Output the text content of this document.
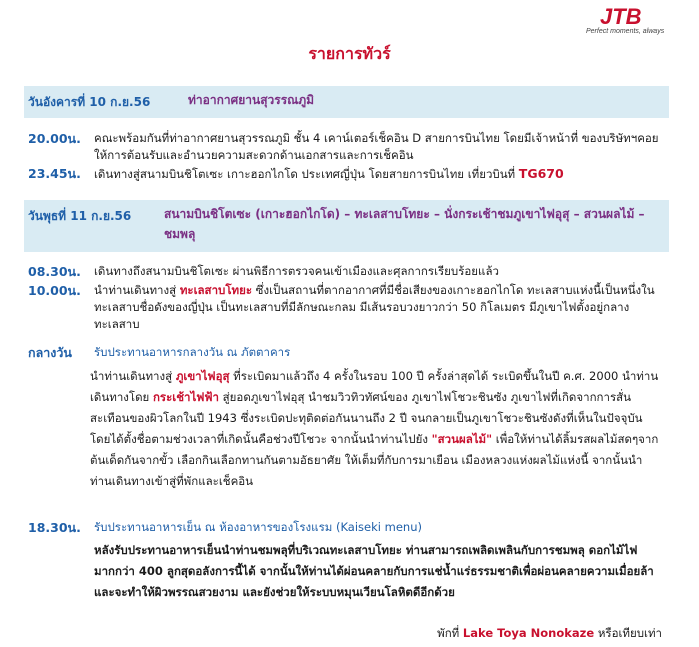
JTB
Perfect moments, always
รายการทัวร์
วันอังคารที่ 10 ก.ย.56	ท่าอากาศยานสุวรรณภูมิ
20.00น. คณะพร้อมกันที่ท่าอากาศยานสุวรรณภูมิ ชั้น 4 เคาน์เตอร์เช็คอิน D สายการบินไทย โดยมีเจ้าหน้าที่ ของบริษัทฯคอยให้การต้อนรับและอำนวยความสะดวกด้านเอกสารและการเช็คอิน
23.45น. เดินทางสู่สนามบินชิโตเซะ เกาะฮอกไกโด ประเทศญี่ปุ่น โดยสายการบินไทย เที่ยวบินที่ TG670
วันพุธที่ 11 ก.ย.56	สนามบินชิโตเซะ (เกาะฮอกไกโด) – ทะเลสาบโทยะ – นั่งกระเช้าชมภูเขาไฟอุสุ – สวนผลไม้ – ชมพลุ
08.30น. เดินทางถึงสนามบินชิโตเซะ ผ่านพิธีการตรวจคนเข้าเมืองและศุลกากรเรียบร้อยแล้ว
10.00น. นำท่านเดินทางสู่ ทะเลสาบโทยะ ซึ่งเป็นสถานที่ตากอากาศที่มีชื่อเสียงของเกาะฮอกไกโด ทะเลสาบแห่งนี้เป็นหนึ่งในทะเลสาบชื่อดังของญี่ปุ่น เป็นทะเลสาบที่มีลักษณะกลม มีเส้นรอบวงยาวกว่า 50 กิโลเมตร มีภูเขาไฟตั้งอยู่กลางทะเลสาบ
กลางวัน รับประทานอาหารกลางวัน ณ ภัตตาคาร
นำท่านเดินทางสู่ ภูเขาไฟอุสุ ที่ระเบิดมาแล้วถึง 4 ครั้งในรอบ 100 ปี ครั้งล่าสุดได้ ระเบิดขึ้นในปี ค.ศ. 2000 นำท่านเดินทางโดย กระเช้าไฟฟ้า สู่ยอดภูเขาไฟอุสุ นำชมวิวทิวทัศน์ของ ภูเขาไฟโชวะชินซัง ภูเขาไฟที่เกิดจากการสั่นสะเทือนของผิวโลกในปี 1943 ซึ่งระเบิดปะทุติดต่อกันนานถึง 2 ปี จนกลายเป็นภูเขาโชวะชินซังดังที่เห็นในปัจจุบัน โดยได้ตั้งชื่อตามช่วงเวลาที่เกิดนั้นคือช่วงปีโชวะ จากนั้นนำท่านไปยัง "สวนผลไม้" เพื่อให้ท่านได้ลิ้มรสผลไม้สดๆจากต้นเด็ดกันจากขั้ว เลือกกินเลือกทานกันตามอัธยาศัย ให้เต็มที่กับการมาเยือน เมืองหลวงแห่งผลไม้แห่งนี้ จากนั้นนำท่านเดินทางเข้าสู่ที่พักและเช็คอิน
18.30น. รับประทานอาหารเย็น ณ ห้องอาหารของโรงแรม (Kaiseki menu)
หลังรับประทานอาหารเย็นนำท่านชมพลุที่บริเวณทะเลสาบโทยะ ท่านสามารถเพลิดเพลินกับการชมพลุ ดอกไม้ไฟมากกว่า 400 ลูกสุดอลังการนี้ได้ จากนั้นให้ท่านได้ผ่อนคลายกับการแช่น้ำแร่ธรรมชาติเพื่อผ่อนคลายความเมื่อยล้าและจะทำให้ผิวพรรณสวยงาม และยังช่วยให้ระบบหมุนเวียนโลหิตดีอีกด้วย
พักที่ Lake Toya Nonokaze หรือเทียบเท่า
